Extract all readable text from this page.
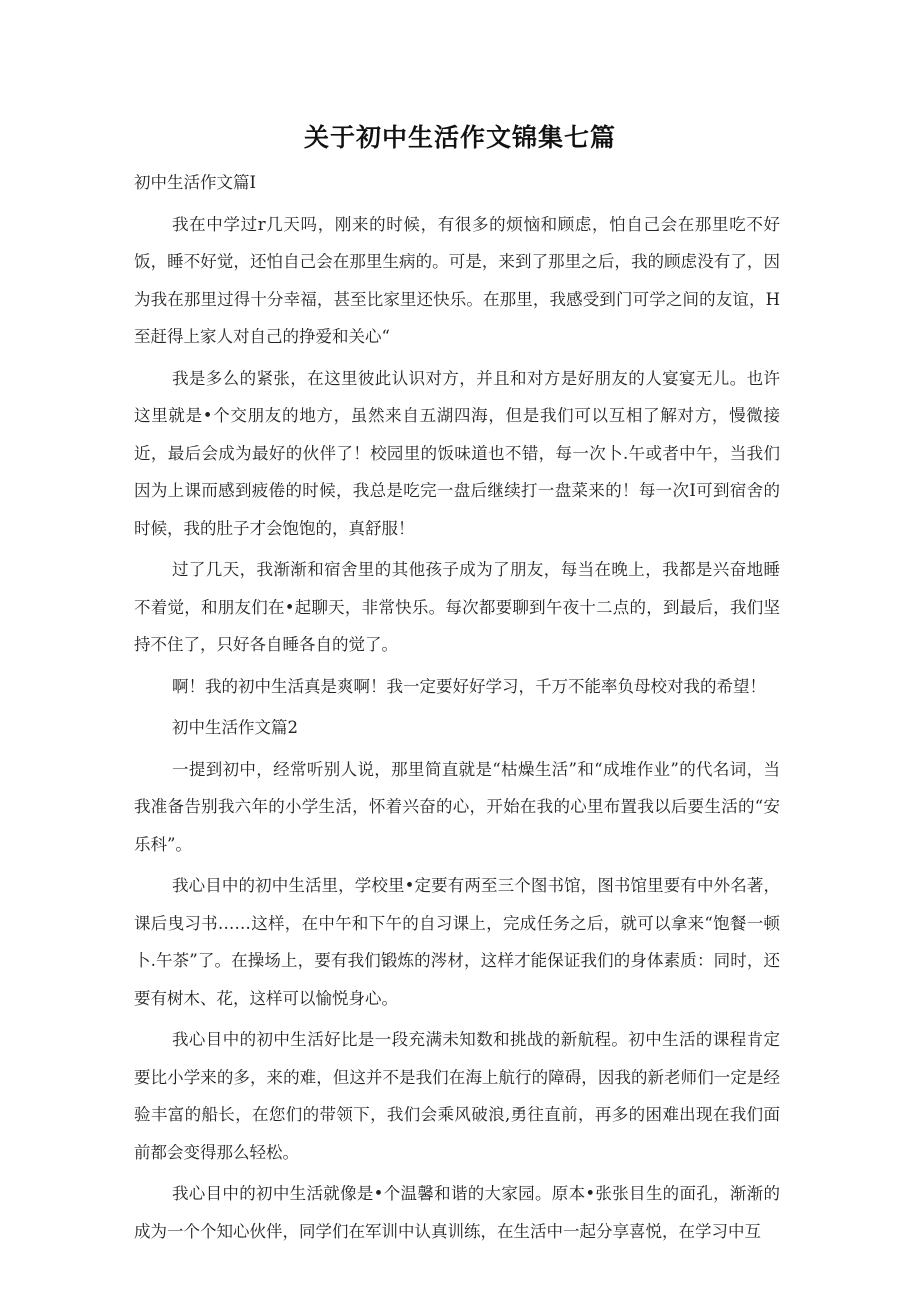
关于初中生活作文锦集七篇

初中生活作文篇I

我在中学过r几天吗，刚来的时候，有很多的烦恼和顾虑，怕自己会在那里吃不好饭，睡不好觉，还怕自己会在那里生病的。可是，来到了那里之后，我的顾虑没有了，因为我在那里过得十分幸福，甚至比家里还快乐。在那里，我感受到门可学之间的友谊，H至赶得上家人对自己的挣爱和关心“

我是多么的紧张，在这里彼此认识对方，并且和对方是好朋友的人宴宴无儿。也许这里就是•个交朋友的地方，虽然来自五湖四海，但是我们可以互相了解对方，慢微接近，最后会成为最好的伙伴了！校园里的饭味道也不错，每一次卜.午或者中午，当我们因为上课而感到疲倦的时候，我总是吃完一盘后继续打一盘菜来的！每一次I可到宿舍的时候，我的肚子才会饱饱的，真舒服！

过了几天，我渐渐和宿舍里的其他孩子成为了朋友，每当在晚上，我都是兴奋地睡不着觉，和朋友们在•起聊天，非常快乐。每次都要聊到午夜十二点的，到最后，我们坚持不住了，只好各自睡各自的觉了。

啊！我的初中生活真是爽啊！我一定要好好学习，千万不能率负母校对我的希望！

初中生活作文篇2

一提到初中，经常听别人说，那里简直就是“枯燥生活”和“成堆作业”的代名词，当我准备告别我六年的小学生活，怀着兴奋的心，开始在我的心里布置我以后要生活的“安乐科”。

我心目中的初中生活里，学校里•定要有两至三个图书馆，图书馆里要有中外名著，课后曳习书……这样，在中午和下午的自习课上，完成任务之后，就可以拿来“饱餐一顿卜.午茶”了。在操场上，要有我们锻炼的涔材，这样才能保证我们的身体素质：同时，还要有树木、花，这样可以愉悦身心。

我心目中的初中生活好比是一段充满未知数和挑战的新航程。初中生活的课程肯定要比小学来的多，来的难，但这并不是我们在海上航行的障碍，因我的新老师们一定是经验丰富的船长，在您们的带领下，我们会乘风破浪,勇往直前，再多的困难出现在我们面前都会变得那么轻松。

我心目中的初中生活就像是•个温馨和谐的大家园。原本•张张目生的面孔，渐渐的成为一个个知心伙伴，同学们在军训中认真训练，在生活中一起分享喜悦，在学习中互
